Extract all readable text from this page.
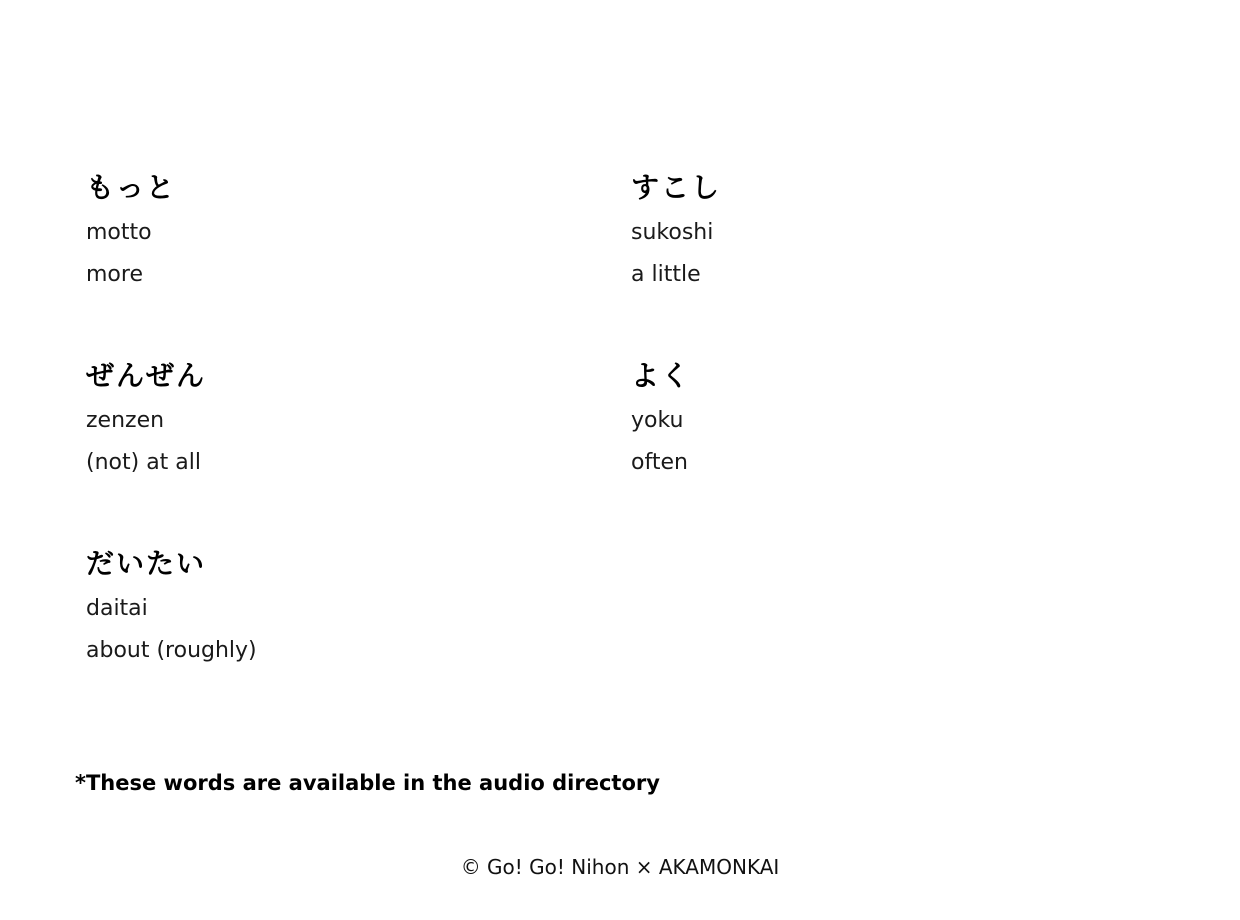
もっと
motto
more
すこし
sukoshi
a little
ぜんぜん
zenzen
(not) at all
よく
yoku
often
だいたい
daitai
about (roughly)
*These words are available in the audio directory
© Go! Go! Nihon × AKAMONKAI
